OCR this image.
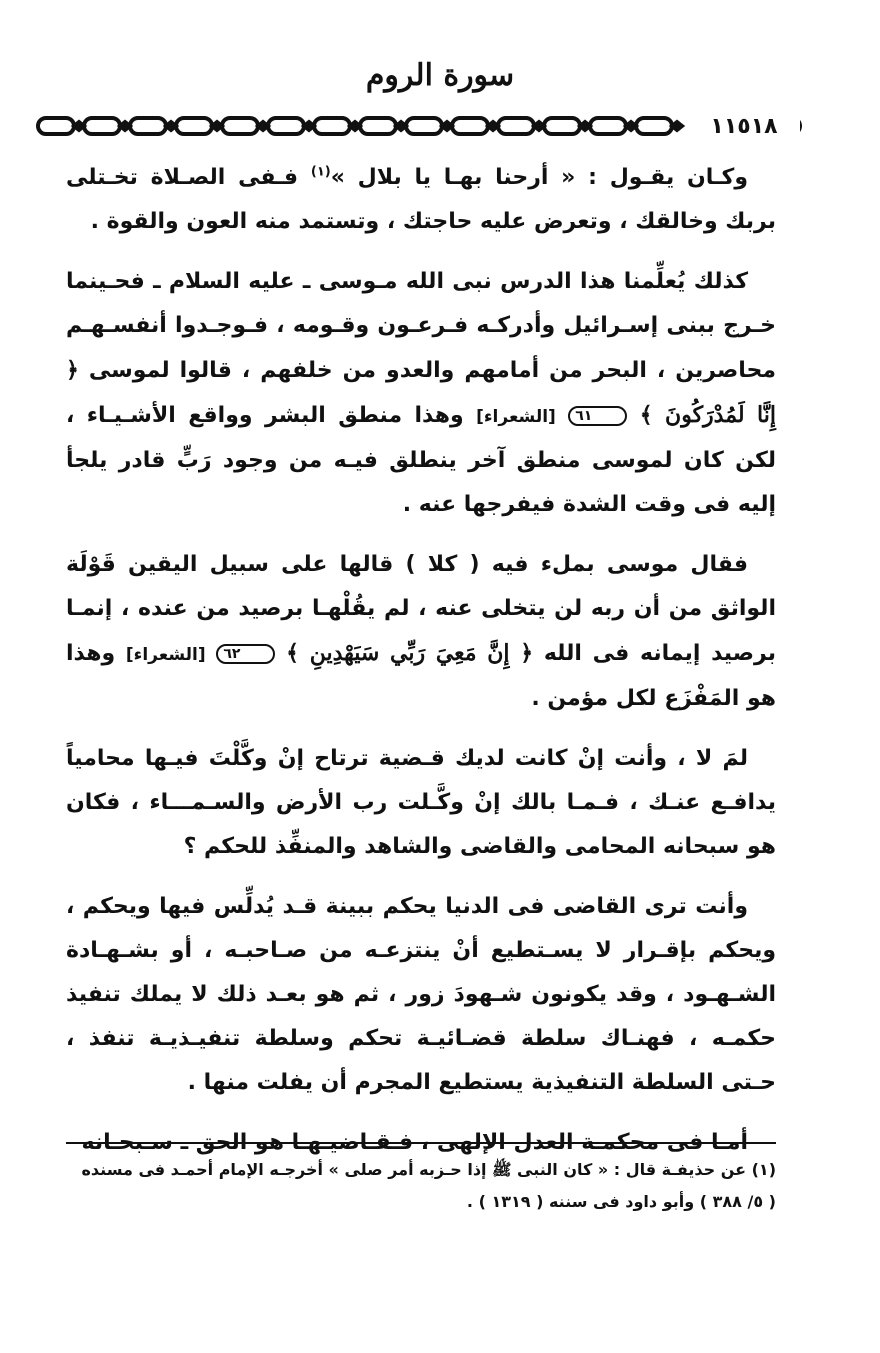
سورة الروم
١١٥١٨

وكـان يقـول : « أرحنا بهـا يا بلال »$^{(١)}$ فـفى الصـلاة تخـتلى بربك وخالقك ، وتعرض عليه حاجتك ، وتستمد منه العون والقوة .

كذلك يُعلِّمنا هذا الدرس نبى الله مـوسى ـ عليه السلام ـ فحـينما خـرج ببنى إسـرائيل وأدركـه فـرعـون وقـومه ، فـوجـدوا أنفسـهـم محاصرين ، البحر من أمامهم والعدو من خلفهم ، قالوا لموسى ﴿ إِنَّا لَمُدْرَكُونَ ﴾ ٦١ [الشعراء] وهذا منطق البشر وواقع الأشـيـاء ، لكن كان لموسى منطق آخر ينطلق فيـه من وجود رَبٍّ قادر يلجأ إليه فى وقت الشدة فيفرجها عنه .

فقال موسى بملء فيه ( كلا ) قالها على سبيل اليقين قَوْلَة الواثق من أن ربه لن يتخلى عنه ، لم يقُلْهـا برصيد من عنده ، إنمـا برصيد إيمانه فى الله ﴿ إِنَّ مَعِيَ رَبِّي سَيَهْدِينِ ﴾ ٦٢ [الشعراء] وهذا هو المَفْزَع لكل مؤمن .

لمَ لا ، وأنت إنْ كانت لديك قـضية ترتاح إنْ وكَّلْتَ فيـها محامياً يدافـع عنـك ، فـمـا بالك إنْ وكَّـلت رب الأرض والسـمـــاء ، فكان هو سبحانه المحامى والقاضى والشاهد والمنفِّذ للحكم ؟

وأنت ترى القاضى فى الدنيا يحكم ببينة قـد يُدلِّس فيها ويحكم ، ويحكم بإقـرار لا يسـتطيع أنْ ينتزعـه من صـاحبـه ، أو بشـهـادة الشـهـود ، وقد يكونون شـهودَ زور ، ثم هو بعـد ذلك لا يملك تنفيذ حكمـه ، فهنـاك سلطة قضـائيـة تحكم وسلطة تنفيـذيـة تنفذ ، حـتى السلطة التنفيذية يستطيع المجرم أن يفلت منها .

أمـا فى محكمـة العدل الإلهى ، فـقـاضيـهـا هو الحق ـ سـبحـانه

(١) عن حذيفـة قال : « كان النبى ﷺ إذا حـزبه أمر صلى » أخرجـه الإمام أحمـد فى مسنده

( ٥/ ٣٨٨ ) وأبو داود فى سننه ( ١٣١٩ ) .
